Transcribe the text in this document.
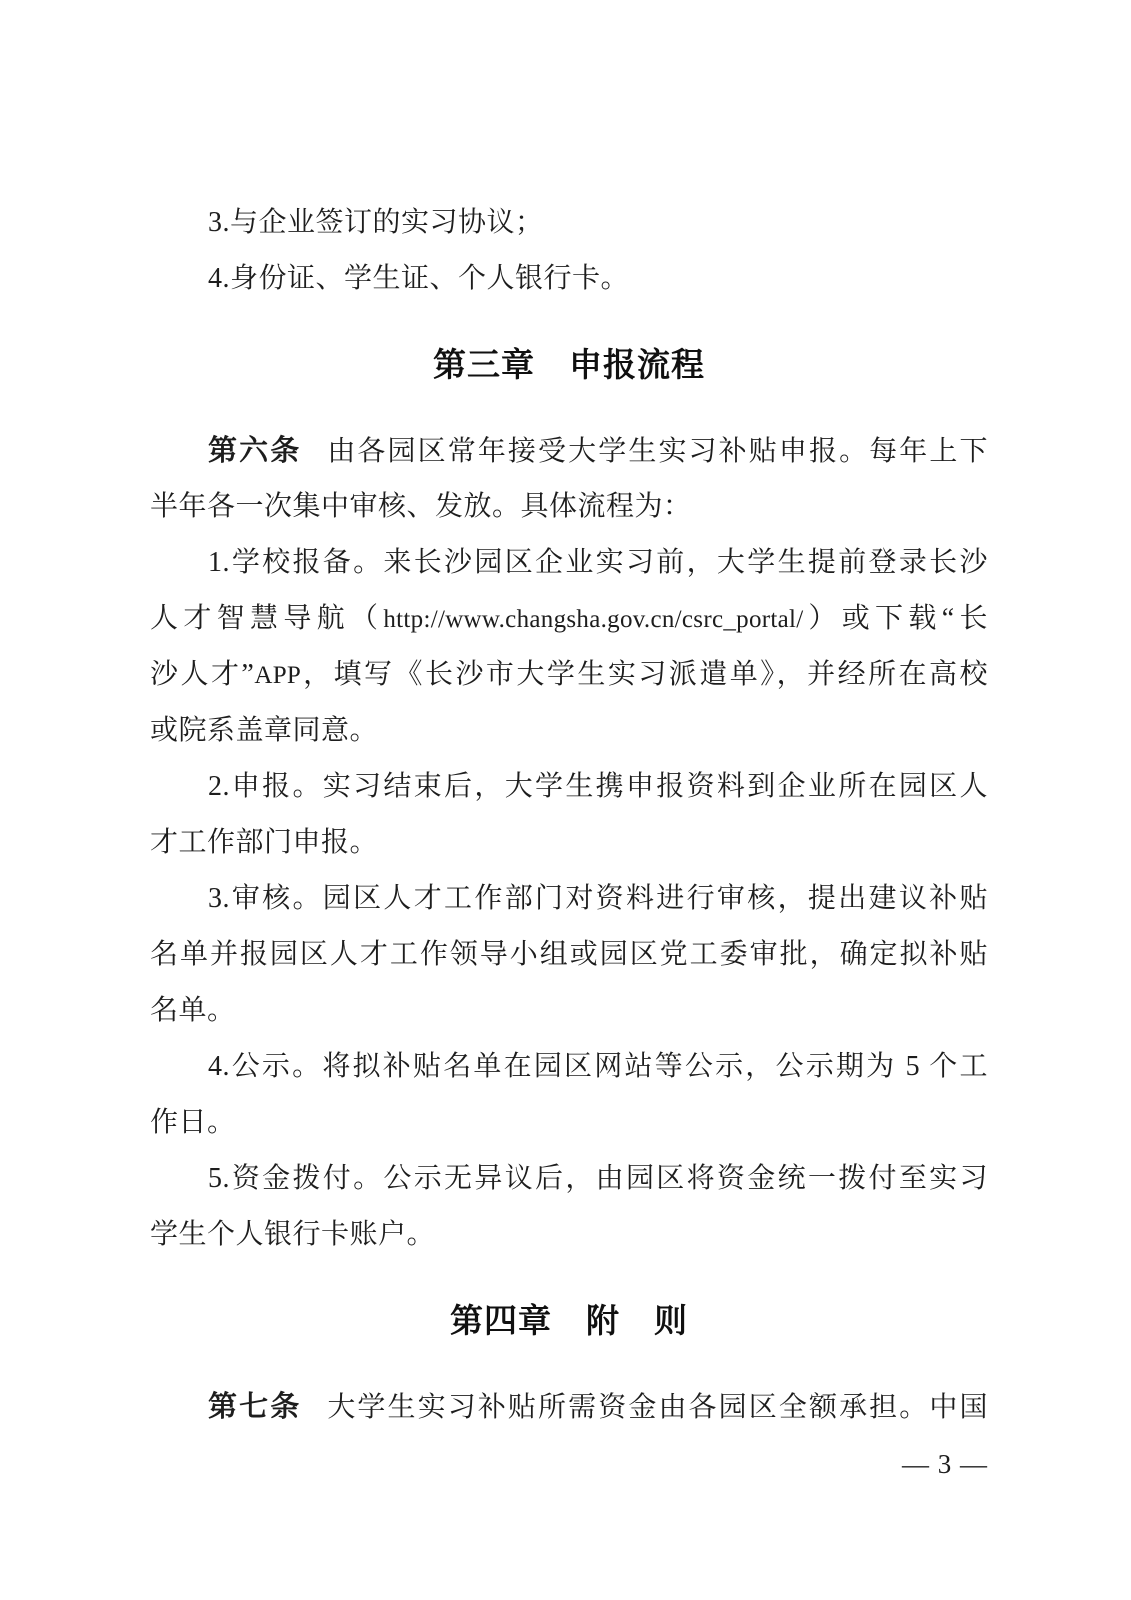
3.与企业签订的实习协议；
4.身份证、学生证、个人银行卡。
第三章　申报流程
第六条 由各园区常年接受大学生实习补贴申报。每年上下
半年各一次集中审核、发放。具体流程为：
1.学校报备。来长沙园区企业实习前，大学生提前登录长沙
人才智慧导航（http://www.changsha.gov.cn/csrc_portal/）或下载“长
沙人才”APP，填写《长沙市大学生实习派遣单》，并经所在高校
或院系盖章同意。
2.申报。实习结束后，大学生携申报资料到企业所在园区人
才工作部门申报。
3.审核。园区人才工作部门对资料进行审核，提出建议补贴
名单并报园区人才工作领导小组或园区党工委审批，确定拟补贴
名单。
4.公示。将拟补贴名单在园区网站等公示，公示期为 5 个工
作日。
5.资金拨付。公示无异议后，由园区将资金统一拨付至实习
学生个人银行卡账户。
第四章　附　则
第七条 大学生实习补贴所需资金由各园区全额承担。中国
— 3 —
